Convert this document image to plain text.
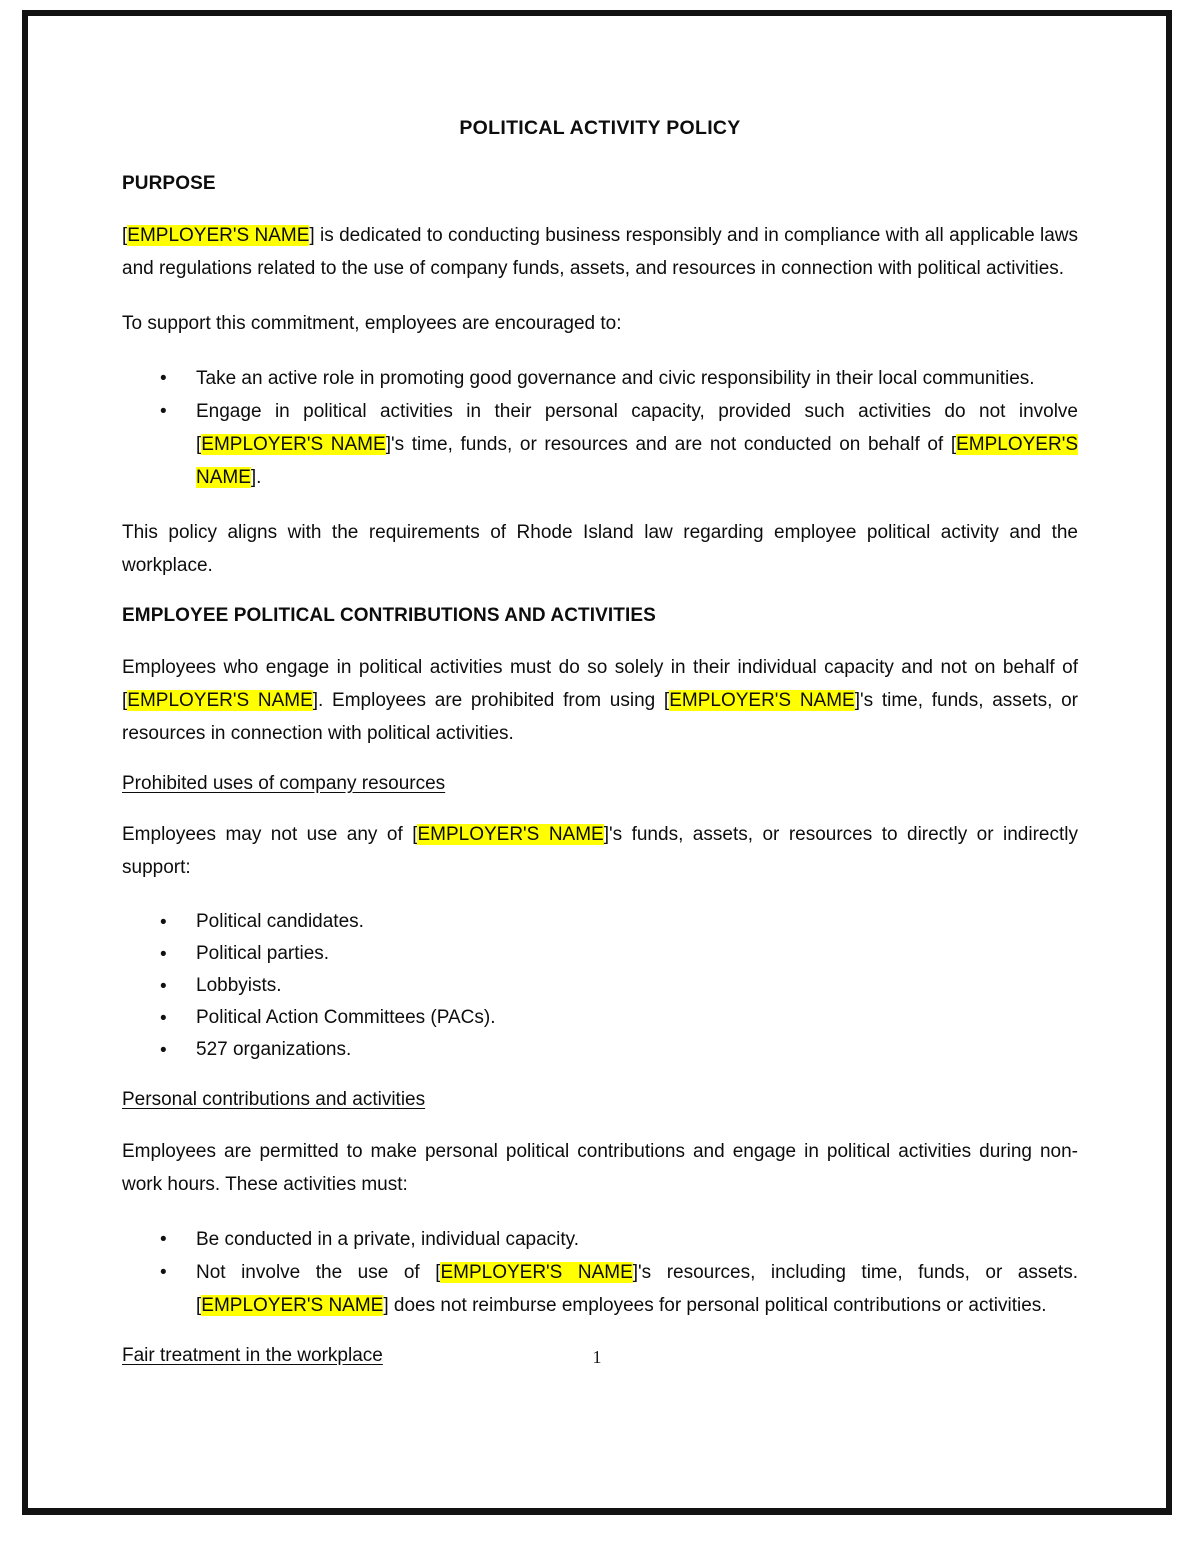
POLITICAL ACTIVITY POLICY
PURPOSE

[EMPLOYER'S NAME] is dedicated to conducting business responsibly and in compliance with all applicable laws and regulations related to the use of company funds, assets, and resources in connection with political activities.

To support this commitment, employees are encouraged to:

• Take an active role in promoting good governance and civic responsibility in their local communities.
• Engage in political activities in their personal capacity, provided such activities do not involve [EMPLOYER'S NAME]'s time, funds, or resources and are not conducted on behalf of [EMPLOYER'S NAME].

This policy aligns with the requirements of Rhode Island law regarding employee political activity and the workplace.

EMPLOYEE POLITICAL CONTRIBUTIONS AND ACTIVITIES

Employees who engage in political activities must do so solely in their individual capacity and not on behalf of [EMPLOYER'S NAME]. Employees are prohibited from using [EMPLOYER'S NAME]'s time, funds, assets, or resources in connection with political activities.

Prohibited uses of company resources

Employees may not use any of [EMPLOYER'S NAME]'s funds, assets, or resources to directly or indirectly support:

• Political candidates.
• Political parties.
• Lobbyists.
• Political Action Committees (PACs).
• 527 organizations.
Personal contributions and activities

Employees are permitted to make personal political contributions and engage in political activities during non-work hours. These activities must:

• Be conducted in a private, individual capacity.
• Not involve the use of [EMPLOYER'S NAME]'s resources, including time, funds, or assets. [EMPLOYER'S NAME] does not reimburse employees for personal political contributions or activities.
Fair treatment in the workplace	1
